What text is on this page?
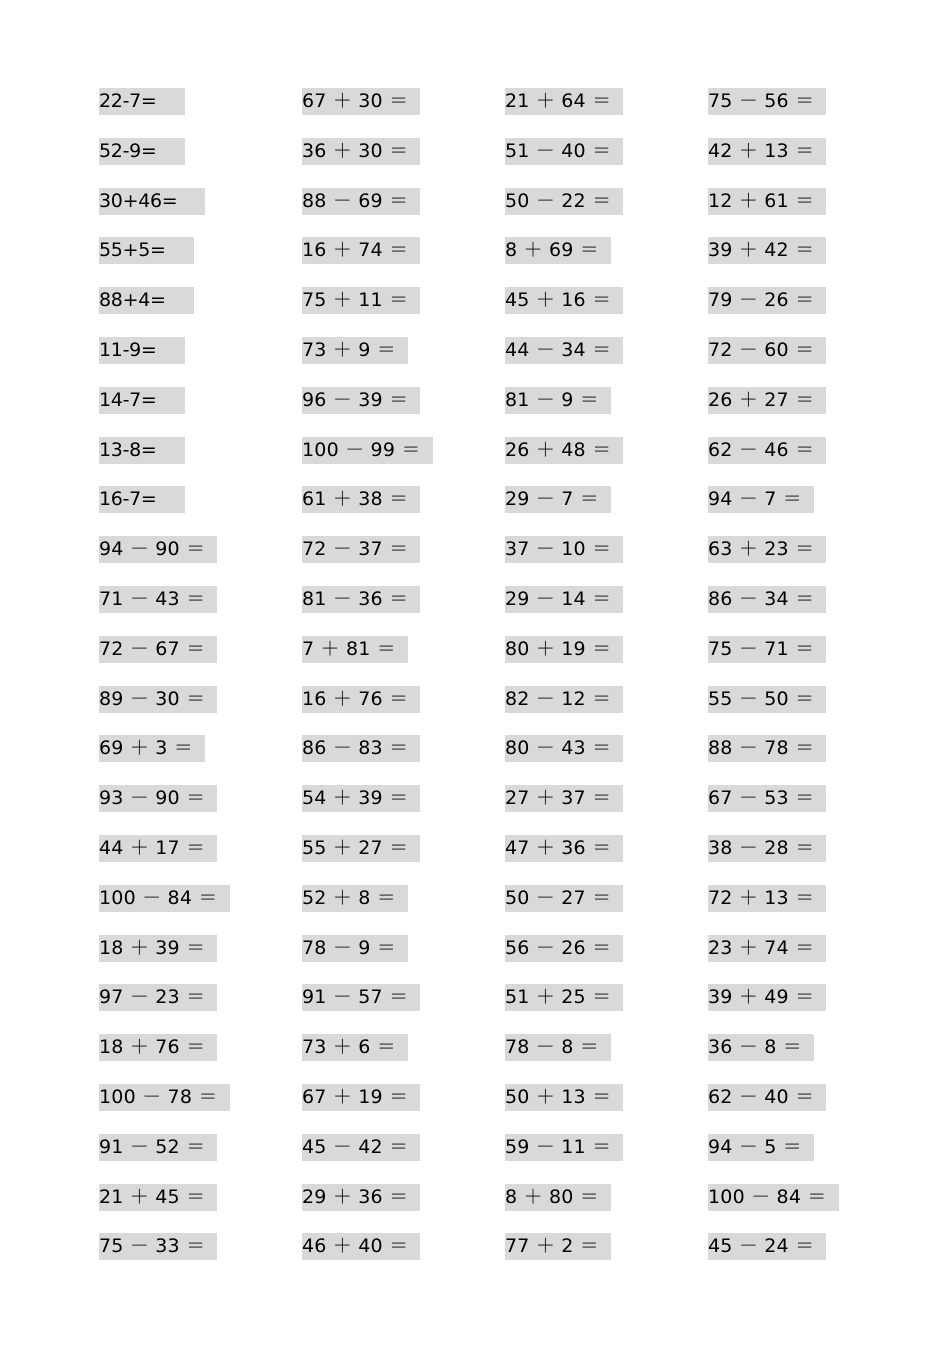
22-7=	67 ＋ 30 ＝	21 ＋ 64 ＝	75 － 56 ＝
52-9=	36 ＋ 30 ＝	51 － 40 ＝	42 ＋ 13 ＝
30+46=	88 － 69 ＝	50 － 22 ＝	12 ＋ 61 ＝
55+5=	16 ＋ 74 ＝	8 ＋ 69 ＝	39 ＋ 42 ＝
88+4=	75 ＋ 11 ＝	45 ＋ 16 ＝	79 － 26 ＝
11-9=	73 ＋ 9 ＝	44 － 34 ＝	72 － 60 ＝
14-7=	96 － 39 ＝	81 － 9 ＝	26 ＋ 27 ＝
13-8=	100 － 99 ＝	26 ＋ 48 ＝	62 － 46 ＝
16-7=	61 ＋ 38 ＝	29 － 7 ＝	94 － 7 ＝
94 － 90 ＝	72 － 37 ＝	37 － 10 ＝	63 ＋ 23 ＝
71 － 43 ＝	81 － 36 ＝	29 － 14 ＝	86 － 34 ＝
72 － 67 ＝	7 ＋ 81 ＝	80 ＋ 19 ＝	75 － 71 ＝
89 － 30 ＝	16 ＋ 76 ＝	82 － 12 ＝	55 － 50 ＝
69 ＋ 3 ＝	86 － 83 ＝	80 － 43 ＝	88 － 78 ＝
93 － 90 ＝	54 ＋ 39 ＝	27 ＋ 37 ＝	67 － 53 ＝
44 ＋ 17 ＝	55 ＋ 27 ＝	47 ＋ 36 ＝	38 － 28 ＝
100 － 84 ＝	52 ＋ 8 ＝	50 － 27 ＝	72 ＋ 13 ＝
18 ＋ 39 ＝	78 － 9 ＝	56 － 26 ＝	23 ＋ 74 ＝
97 － 23 ＝	91 － 57 ＝	51 ＋ 25 ＝	39 ＋ 49 ＝
18 ＋ 76 ＝	73 ＋ 6 ＝	78 － 8 ＝	36 － 8 ＝
100 － 78 ＝	67 ＋ 19 ＝	50 ＋ 13 ＝	62 － 40 ＝
91 － 52 ＝	45 － 42 ＝	59 － 11 ＝	94 － 5 ＝
21 ＋ 45 ＝	29 ＋ 36 ＝	8 ＋ 80 ＝	100 － 84 ＝
75 － 33 ＝	46 ＋ 40 ＝	77 ＋ 2 ＝	45 － 24 ＝
